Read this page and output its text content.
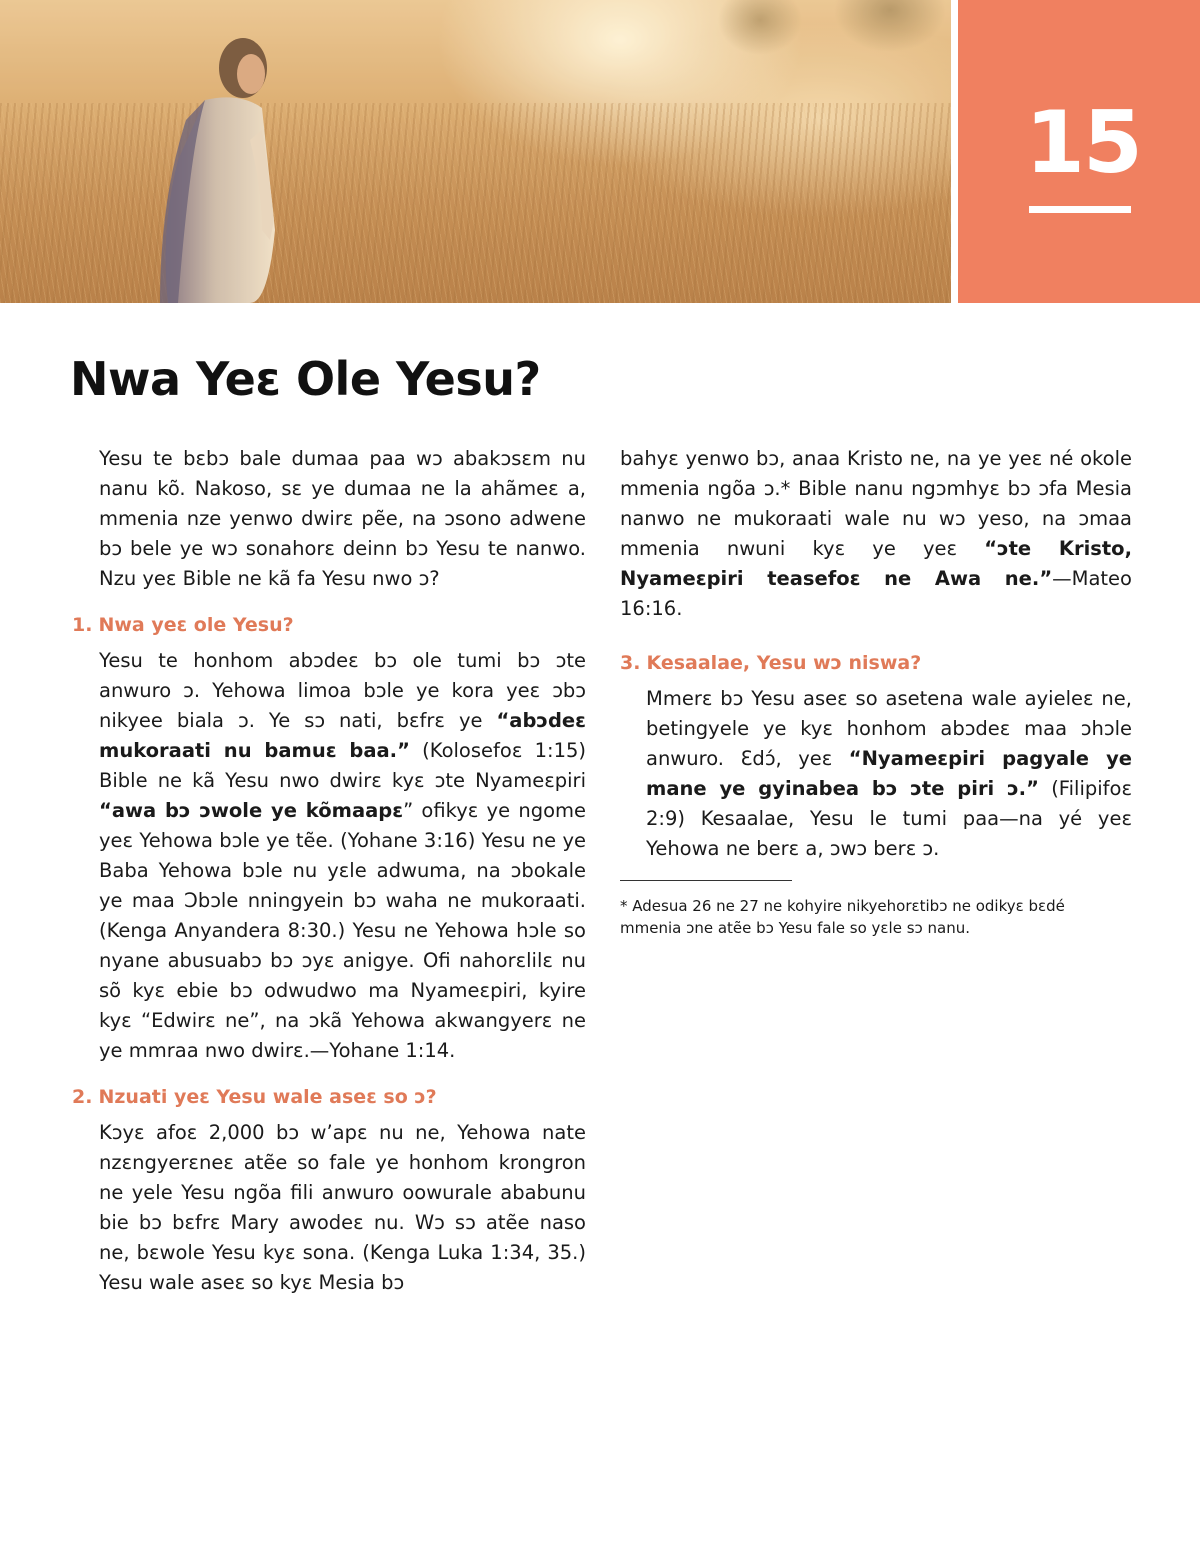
15
Nwa Yeɛ Ole Yesu?

Yesu te bɛbɔ bale dumaa paa wɔ abakɔsɛm nu nanu kõ. Nakoso, sɛ ye dumaa ne la ahãmeɛ a, mmenia nze yenwo dwirɛ pẽe, na ɔsono adwene bɔ bele ye wɔ sonahorɛ deinn bɔ Yesu te nanwo. Nzu yeɛ Bible ne kã fa Yesu nwo ɔ?

1. Nwa yeɛ ole Yesu?

Yesu te honhom abɔdeɛ bɔ ole tumi bɔ ɔte anwuro ɔ. Yehowa limoa bɔle ye kora yeɛ ɔbɔ nikyee biala ɔ. Ye sɔ nati, bɛfrɛ ye “abɔdeɛ mukoraati nu bamuɛ baa.” (Kolosefoɛ 1:15) Bible ne kã Yesu nwo dwirɛ kyɛ ɔte Nyameɛpiri “awa bɔ ɔwole ye kõmaapɛ” ofikyɛ ye ngome yeɛ Yehowa bɔle ye tẽe. (Yohane 3:16) Yesu ne ye Baba Yehowa bɔle nu yɛle adwuma, na ɔbokale ye maa Ɔbɔle nningyein bɔ waha ne mukoraati. (Kenga Anyandera 8:30.) Yesu ne Yehowa hɔle so nyane abusuabɔ bɔ ɔyɛ anigye. Ofi nahorɛlilɛ nu sõ kyɛ ebie bɔ odwudwo ma Nyameɛpiri, kyire kyɛ “Edwirɛ ne”, na ɔkã Yehowa akwangyerɛ ne ye mmraa nwo dwirɛ.—Yohane 1:14.

2. Nzuati yeɛ Yesu wale aseɛ so ɔ?

Kɔyɛ afoɛ 2,000 bɔ w’apɛ nu ne, Yehowa nate nzɛngyerɛneɛ atẽe so fale ye honhom krongron ne yele Yesu ngõa fili anwuro oowurale ababunu bie bɔ bɛfrɛ Mary awodeɛ nu. Wɔ sɔ atẽe naso ne, bɛwole Yesu kyɛ sona. (Kenga Luka 1:34, 35.) Yesu wale aseɛ so kyɛ Mesia bɔ

bahyɛ yenwo bɔ, anaa Kristo ne, na ye yeɛ né okole mmenia ngõa ɔ.* Bible nanu ngɔmhyɛ bɔ ɔfa Mesia nanwo ne mukoraati wale nu wɔ yeso, na ɔmaa mmenia nwuni kyɛ ye yeɛ “ɔte Kristo, Nyameɛpiri teasefoɛ ne Awa ne.”—Mateo 16:16.

3. Kesaalae, Yesu wɔ niswa?

Mmerɛ bɔ Yesu aseɛ so asetena wale ayieleɛ ne, betingyele ye kyɛ honhom abɔdeɛ maa ɔhɔle anwuro. Ɛdɔ́, yeɛ “Nyameɛpiri pagyale ye mane ye gyinabea bɔ ɔte piri ɔ.” (Filipifoɛ 2:9) Kesaalae, Yesu le tumi paa—na yé yeɛ Yehowa ne berɛ a, ɔwɔ berɛ ɔ.

* Adesua 26 ne 27 ne kohyire nikyehorɛtibɔ ne odikyɛ bɛdé mmenia ɔne atẽe bɔ Yesu fale so yɛle sɔ nanu.
